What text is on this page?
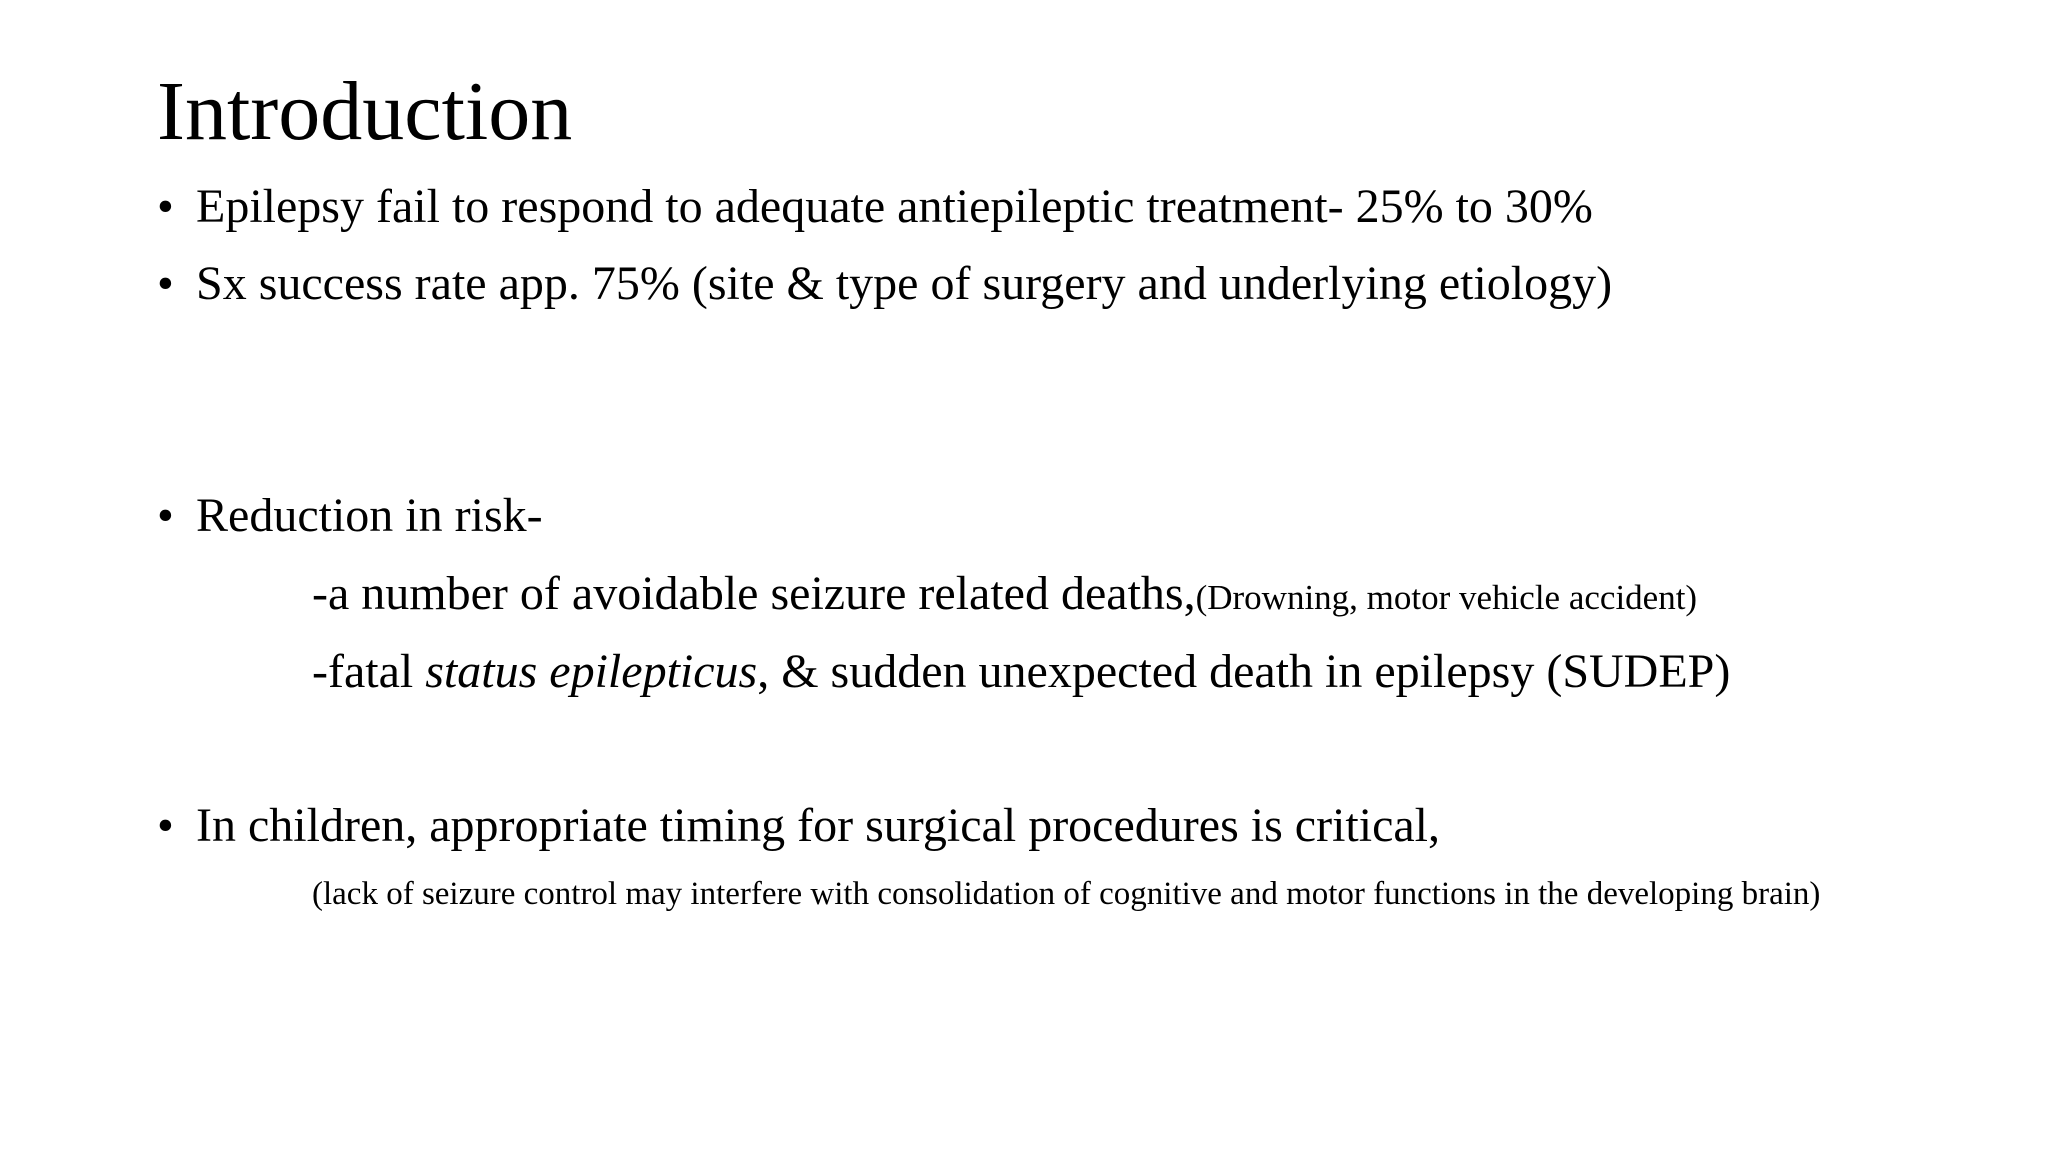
Introduction
• Epilepsy fail to respond to adequate antiepileptic treatment- 25% to 30%
• Sx success rate app. 75% (site & type of surgery and underlying etiology)
• Reduction in risk-
-a number of avoidable seizure related deaths,(Drowning, motor vehicle accident)
-fatal status epilepticus, & sudden unexpected death in epilepsy (SUDEP)
• In children, appropriate timing for surgical procedures is critical,
(lack of seizure control may interfere with consolidation of cognitive and motor functions in the developing brain)
